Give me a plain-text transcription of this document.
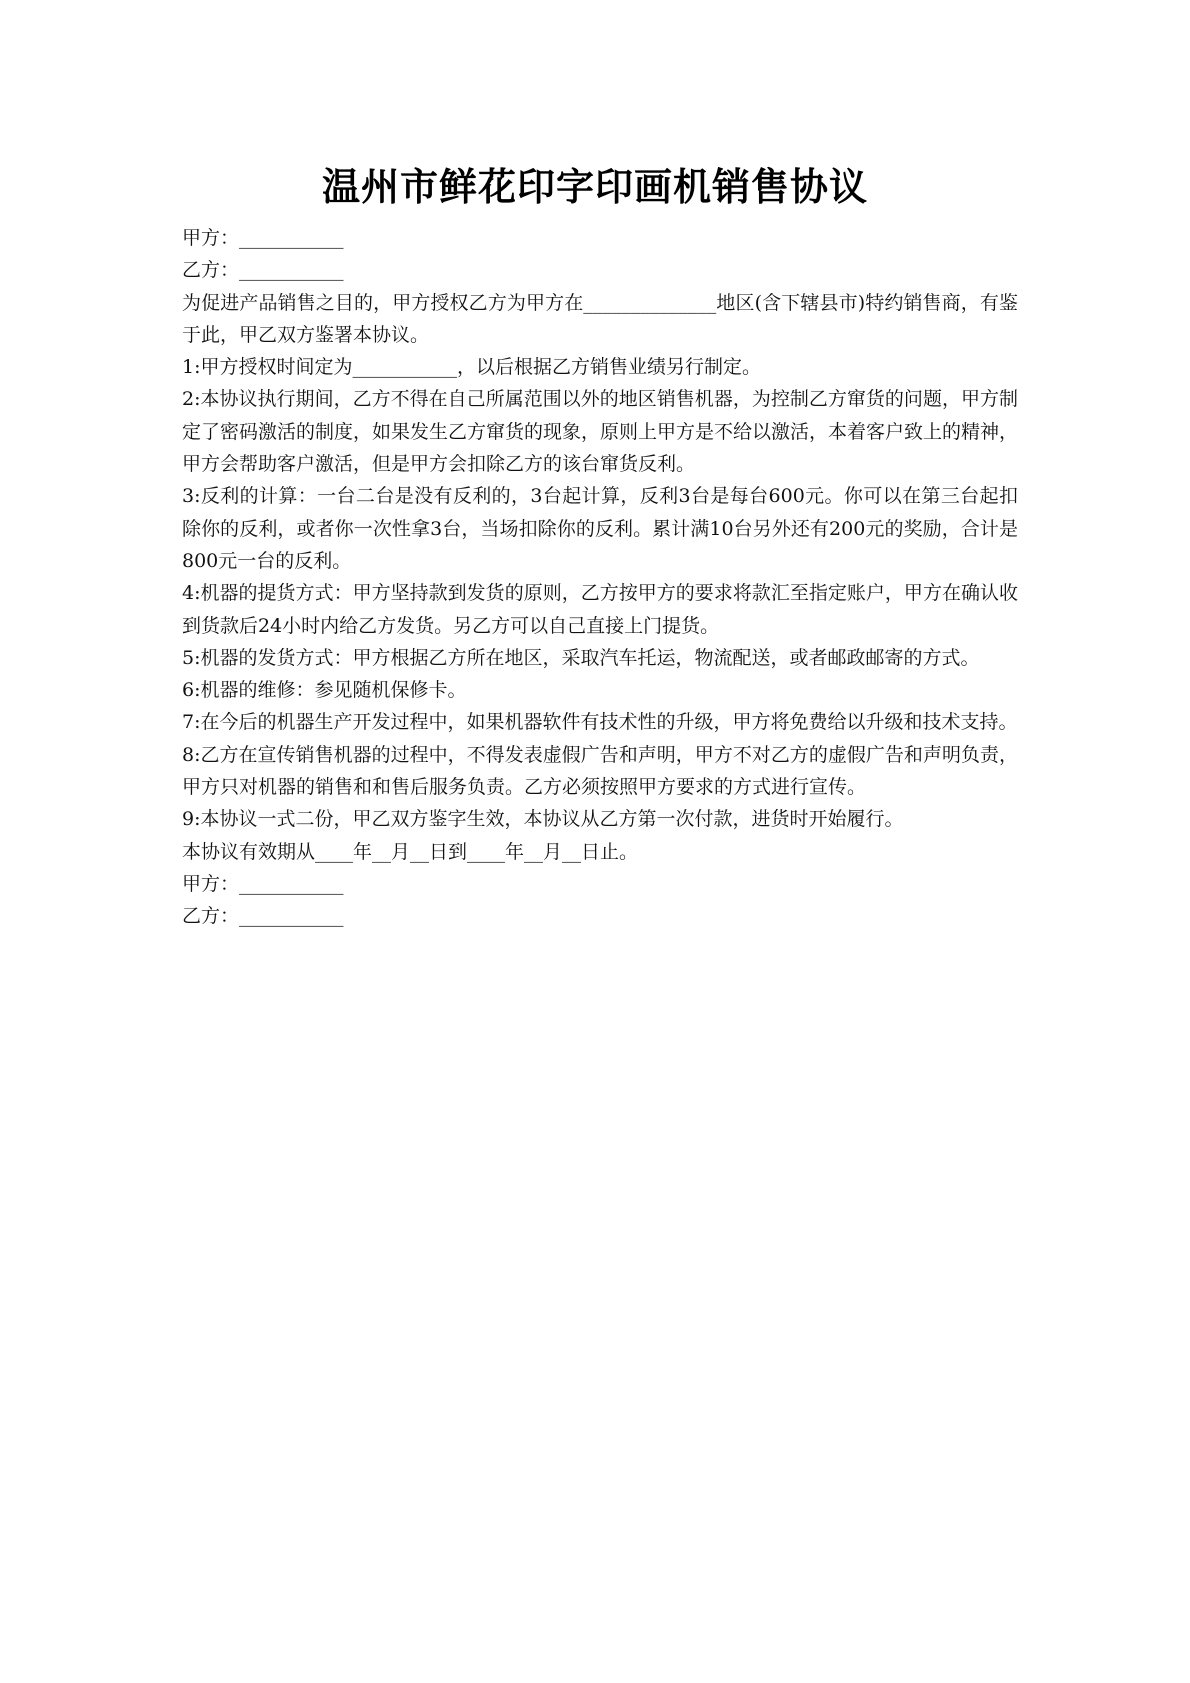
温州市鲜花印字印画机销售协议

甲方：___________

乙方：___________

为促进产品销售之目的，甲方授权乙方为甲方在______________地区(含下辖县市)特约销售商，有鉴于此，甲乙双方鉴署本协议。

1:甲方授权时间定为___________，以后根据乙方销售业绩另行制定。

2:本协议执行期间，乙方不得在自己所属范围以外的地区销售机器，为控制乙方窜货的问题，甲方制定了密码激活的制度，如果发生乙方窜货的现象，原则上甲方是不给以激活，本着客户致上的精神，甲方会帮助客户激活，但是甲方会扣除乙方的该台窜货反利。

3:反利的计算：一台二台是没有反利的，3台起计算，反利3台是每台600元。你可以在第三台起扣除你的反利，或者你一次性拿3台，当场扣除你的反利。累计满10台另外还有200元的奖励，合计是800元一台的反利。

4:机器的提货方式：甲方坚持款到发货的原则，乙方按甲方的要求将款汇至指定账户，甲方在确认收到货款后24小时内给乙方发货。另乙方可以自己直接上门提货。

5:机器的发货方式：甲方根据乙方所在地区，采取汽车托运，物流配送，或者邮政邮寄的方式。

6:机器的维修：参见随机保修卡。

7:在今后的机器生产开发过程中，如果机器软件有技术性的升级，甲方将免费给以升级和技术支持。

8:乙方在宣传销售机器的过程中，不得发表虚假广告和声明，甲方不对乙方的虚假广告和声明负责，甲方只对机器的销售和和售后服务负责。乙方必须按照甲方要求的方式进行宣传。

9:本协议一式二份，甲乙双方鉴字生效，本协议从乙方第一次付款，进货时开始履行。

本协议有效期从____年__月__日到____年__月__日止。

甲方：___________

乙方：___________
